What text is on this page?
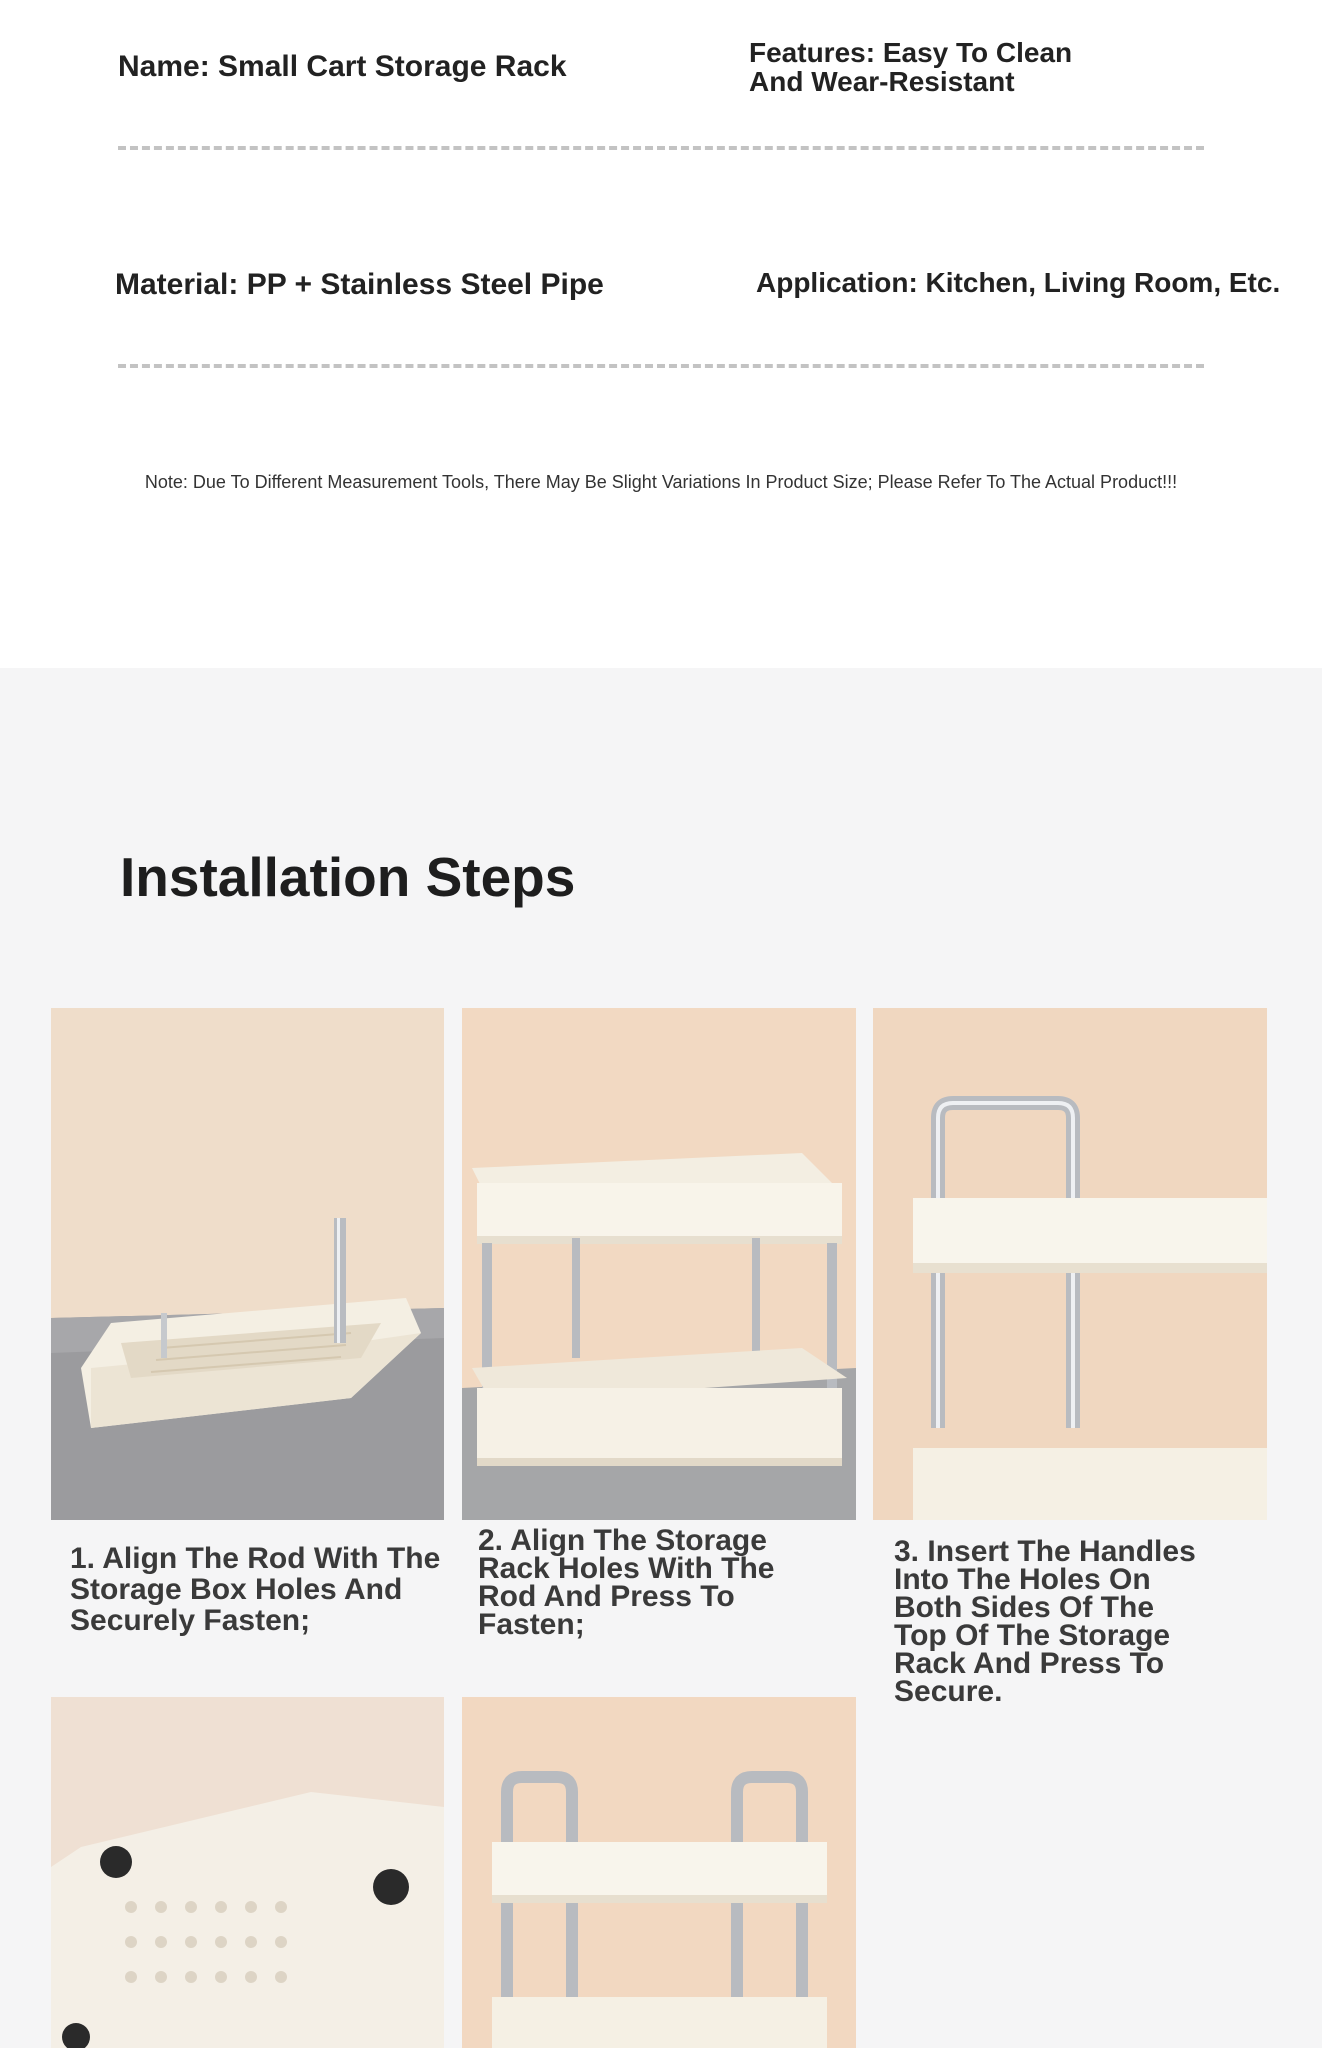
Name: Small Cart Storage Rack	Features: Easy To Clean
And Wear-Resistant
Material: PP + Stainless Steel Pipe	Application: Kitchen, Living Room, Etc.
Note: Due To Different Measurement Tools, There May Be Slight Variations In Product Size; Please Refer To The Actual Product!!!
Installation Steps
1. Align The Rod With The
Storage Box Holes And
Securely Fasten;
2. Align The Storage
Rack Holes With The
Rod And Press To
Fasten;
3. Insert The Handles
Into The Holes On
Both Sides Of The
Top Of The Storage
Rack And Press To
Secure.
